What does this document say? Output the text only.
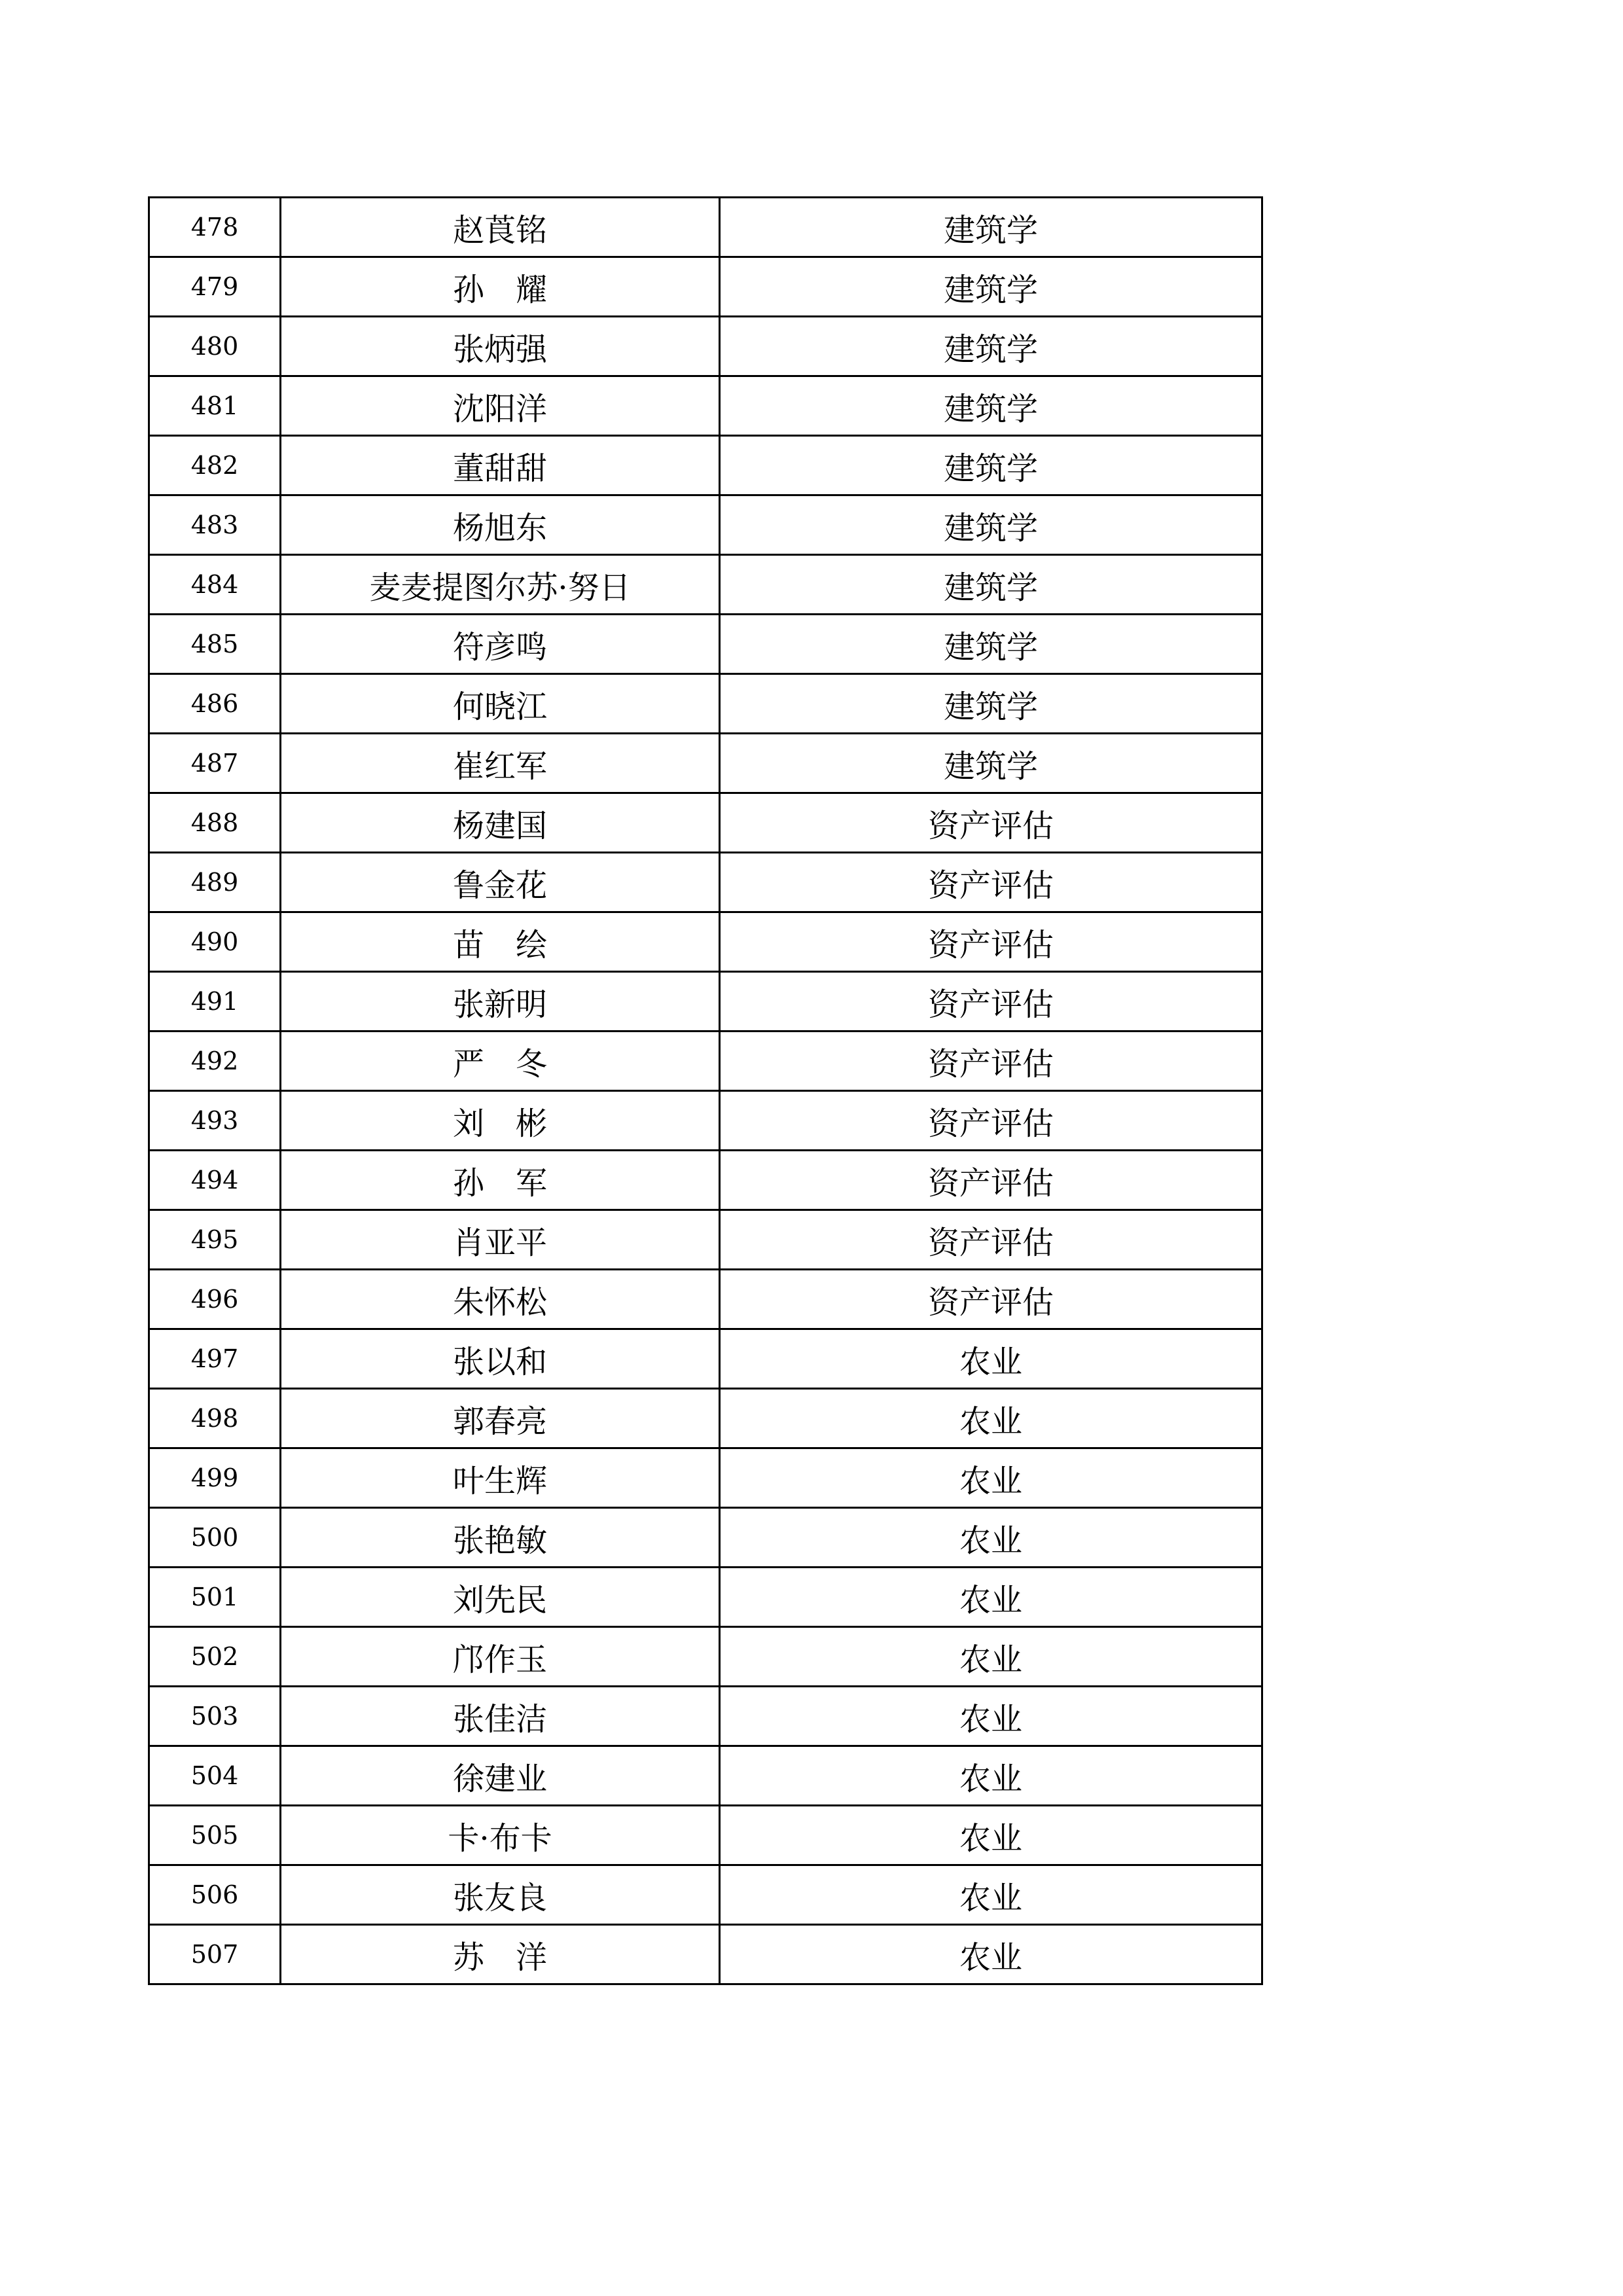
478	赵莨铭	建筑学
479	孙　耀	建筑学
480	张炳强	建筑学
481	沈阳洋	建筑学
482	董甜甜	建筑学
483	杨旭东	建筑学
484	麦麦提图尔苏·努日	建筑学
485	符彦鸣	建筑学
486	何晓江	建筑学
487	崔红军	建筑学
488	杨建国	资产评估
489	鲁金花	资产评估
490	苗　绘	资产评估
491	张新明	资产评估
492	严　冬	资产评估
493	刘　彬	资产评估
494	孙　军	资产评估
495	肖亚平	资产评估
496	朱怀松	资产评估
497	张以和	农业
498	郭春亮	农业
499	叶生辉	农业
500	张艳敏	农业
501	刘先民	农业
502	邝作玉	农业
503	张佳洁	农业
504	徐建业	农业
505	卡·布卡	农业
506	张友良	农业
507	苏　洋	农业
